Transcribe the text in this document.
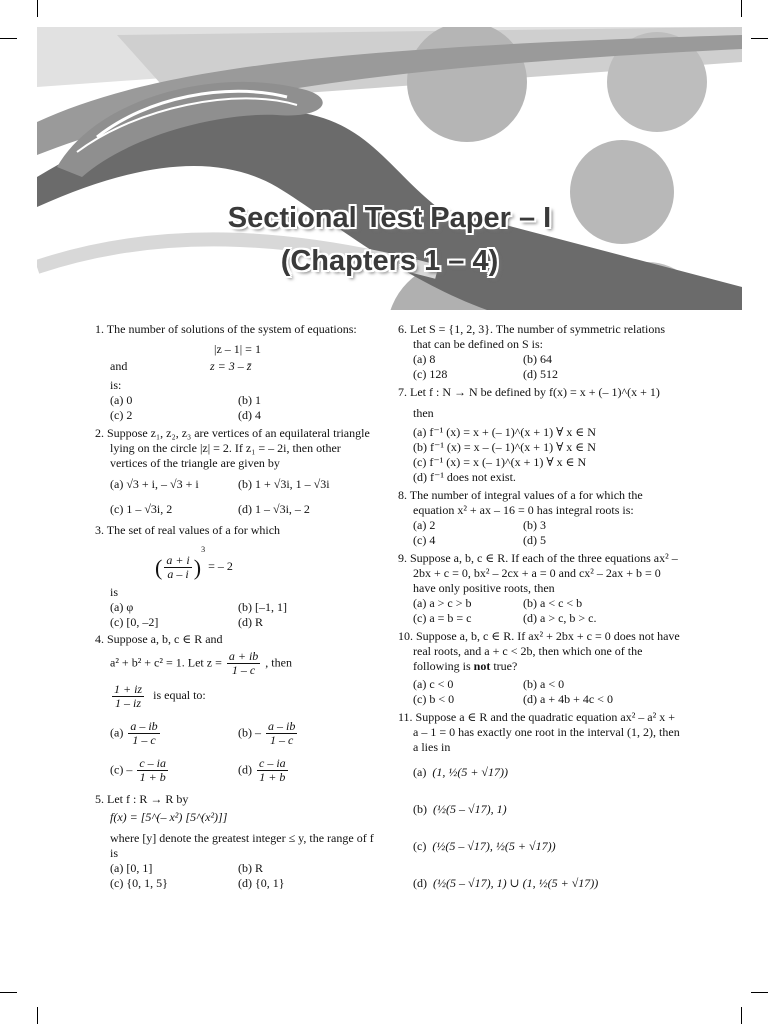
Sectional Test Paper – I
(Chapters 1 – 4)
1. The number of solutions of the system of equations:
|z – 1| = 1
and	z = 3 – z̄
is:
(a) 0	(b) 1
(c) 2	(d) 4
2. Suppose z₁, z₂, z₃ are vertices of an equilateral triangle lying on the circle |z| = 2. If z₁ = – 2i, then other vertices of the triangle are given by
(a) √3 + i, – √3 + i	(b) 1 + √3i, 1 – √3i
(c) 1 – √3i, 2	(d) 1 – √3i, – 2
3. The set of real values of a for which
( $\frac{a + i}{a - i} )^3$ = – 2
is
(a) φ	(b) [–1, 1]
(c) [0, –2]	(d) R
4. Suppose a, b, c ∈ R and
a² + b² + c² = 1. Let $z = \frac{a + ib}{1 - c}$ , then
$\frac{1 + iz}{1 - iz}$ is equal to:
$(a) \frac{a - ib}{1 - c}$	$(b) - \frac{a - ib}{1 - c}$
$(c) - \frac{c - ia}{1 + b}$	$(d) \frac{c - ia}{1 + b}$
5. Let f : R → R by
f(x) = [5^(– x²) [5^(x²)]]
where [y] denote the greatest integer ≤ y, the range of f is
(a) [0, 1]	(b) R
(c) {0, 1, 5}	(d) {0, 1}
6. Let S = {1, 2, 3}. The number of symmetric relations that can be defined on S is:
(a) 8	(b) 64
(c) 128	(d) 512
7. Let f : N → N be defined by f(x) = x + (– 1)^(x + 1)
then
(a) f⁻¹ (x) = x + (– 1)^(x + 1) ∀ x ∈ N
(b) f⁻¹ (x) = x – (– 1)^(x + 1) ∀ x ∈ N
(c) f⁻¹ (x) = x (– 1)^(x + 1) ∀ x ∈ N
(d) f⁻¹ does not exist.
8. The number of integral values of a for which the equation x² + ax – 16 = 0 has integral roots is:
(a) 2	(b) 3
(c) 4	(d) 5
9. Suppose a, b, c ∈ R. If each of the three equations ax² – 2bx + c = 0, bx² – 2cx + a = 0 and cx² – 2ax + b = 0 have only positive roots, then
(a) a > c > b	(b) a < c < b
(c) a = b = c	(d) a > c, b > c.
10. Suppose a, b, c ∈ R. If ax² + 2bx + c = 0 does not have real roots, and a + c < 2b, then which one of the following is not true?
(a) c < 0	(b) a < 0
(c) b < 0	(d) a + 4b + 4c < 0
11. Suppose a ∈ R and the quadratic equation ax² – a² x + a – 1 = 0 has exactly one root in the interval (1, 2), then a lies in
(a) (1, ½(5 + √17))
(b) (½(5 – √17), 1)
(c) (½(5 – √17), ½(5 + √17))
(d) (½(5 – √17), 1) ∪ (1, ½(5 + √17))
